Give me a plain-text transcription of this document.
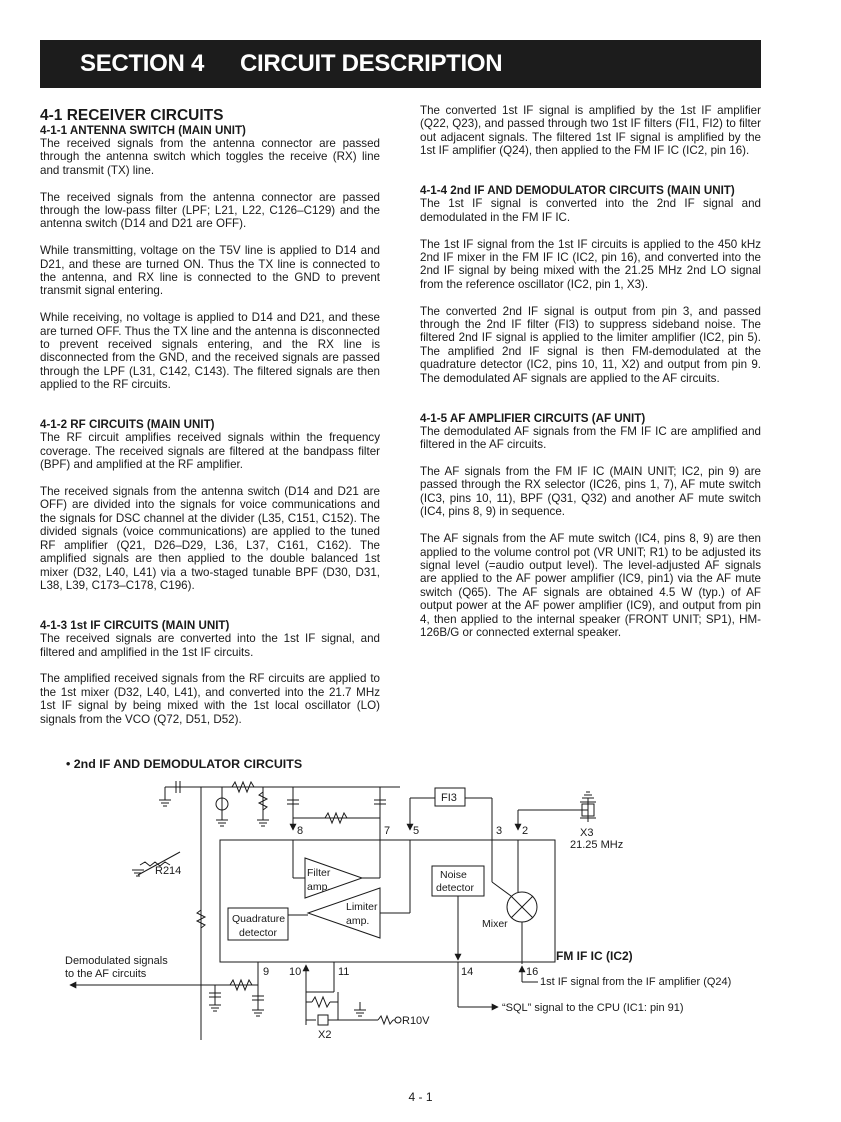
SECTION 4 CIRCUIT DESCRIPTION
4-1 RECEIVER CIRCUITS
4-1-1 ANTENNA SWITCH (MAIN UNIT)

The received signals from the antenna connector are passed through the antenna switch which toggles the receive (RX) line and transmit (TX) line.

The received signals from the antenna connector are passed through the low-pass filter (LPF; L21, L22, C126–C129) and the antenna switch (D14 and D21 are OFF).

While transmitting, voltage on the T5V line is applied to D14 and D21, and these are turned ON. Thus the TX line is connected to the antenna, and RX line is connected to the GND to prevent transmit signal entering.

While receiving, no voltage is applied to D14 and D21, and these are turned OFF. Thus the TX line and the antenna is disconnected to prevent received signals entering, and the RX line is disconnected from the GND, and the received signals are passed through the LPF (L31, C142, C143). The filtered signals are then applied to the RF circuits.

4-1-2 RF CIRCUITS (MAIN UNIT)

The RF circuit amplifies received signals within the frequency coverage. The received signals are filtered at the bandpass filter (BPF) and amplified at the RF amplifier.

The received signals from the antenna switch (D14 and D21 are OFF) are divided into the signals for voice communications and the signals for DSC channel at the divider (L35, C151, C152). The divided signals (voice communications) are applied to the tuned RF amplifier (Q21, D26–D29, L36, L37, C161, C162). The amplified signals are then applied to the double balanced 1st mixer (D32, L40, L41) via a two-staged tunable BPF (D30, D31, L38, L39, C173–C178, C196).

4-1-3 1st IF CIRCUITS (MAIN UNIT)

The received signals are converted into the 1st IF signal, and filtered and amplified in the 1st IF circuits.

The amplified received signals from the RF circuits are applied to the 1st mixer (D32, L40, L41), and converted into the 21.7 MHz 1st IF signal by being mixed with the 1st local oscillator (LO) signals from the VCO (Q72, D51, D52).

The converted 1st IF signal is amplified by the 1st IF amplifier (Q22, Q23), and passed through two 1st IF filters (FI1, FI2) to filter out adjacent signals. The filtered 1st IF signal is amplified by the 1st IF amplifier (Q24), then applied to the FM IF IC (IC2, pin 16).

4-1-4 2nd IF AND DEMODULATOR CIRCUITS (MAIN UNIT)

The 1st IF signal is converted into the 2nd IF signal and demodulated in the FM IF IC.

The 1st IF signal from the 1st IF circuits is applied to the 450 kHz 2nd IF mixer in the FM IF IC (IC2, pin 16), and converted into the 2nd IF signal by being mixed with the 21.25 MHz 2nd LO signal from the reference oscillator (IC2, pin 1, X3).

The converted 2nd IF signal is output from pin 3, and passed through the 2nd IF filter (FI3) to suppress sideband noise. The filtered 2nd IF signal is applied to the limiter amplifier (IC2, pin 5). The amplified 2nd IF signal is then FM-demodulated at the quadrature detector (IC2, pins 10, 11, X2) and output from pin 9. The demodulated AF signals are applied to the AF circuits.

4-1-5 AF AMPLIFIER CIRCUITS (AF UNIT)

The demodulated AF signals from the FM IF IC are amplified and filtered in the AF circuits.

The AF signals from the FM IF IC (MAIN UNIT; IC2, pin 9) are passed through the RX selector (IC26, pins 1, 7), AF mute switch (IC3, pins 10, 11), BPF (Q31, Q32) and another AF mute switch (IC4, pins 8, 9) in sequence.

The AF signals from the AF mute switch (IC4, pins 8, 9) are then applied to the volume control pot (VR UNIT; R1) to be adjusted its signal level (=audio output level). The level-adjusted AF signals are applied to the AF power amplifier (IC9, pin1) via the AF mute switch (Q65). The AF signals are obtained 4.5 W (typ.) of AF output power at the AF power amplifier (IC9), and output from pin 4, then applied to the internal speaker (FRONT UNIT; SP1), HM-126B/G or connected external speaker.

• 2nd IF AND DEMODULATOR CIRCUITS
FM IF IC (IC2)
7
8
FI3
5	3 2	X3
21.25 MHz
R214	Filter
amp.
Limiter
amp.
Quadrature
detector
Noise
detector
Mixer
9 10	11	14	16
Demodulated signals
to the AF circuits
R10V
X2
“SQL” signal to the CPU (IC1: pin 91)
1st IF signal from the IF amplifier (Q24)
4 - 1
